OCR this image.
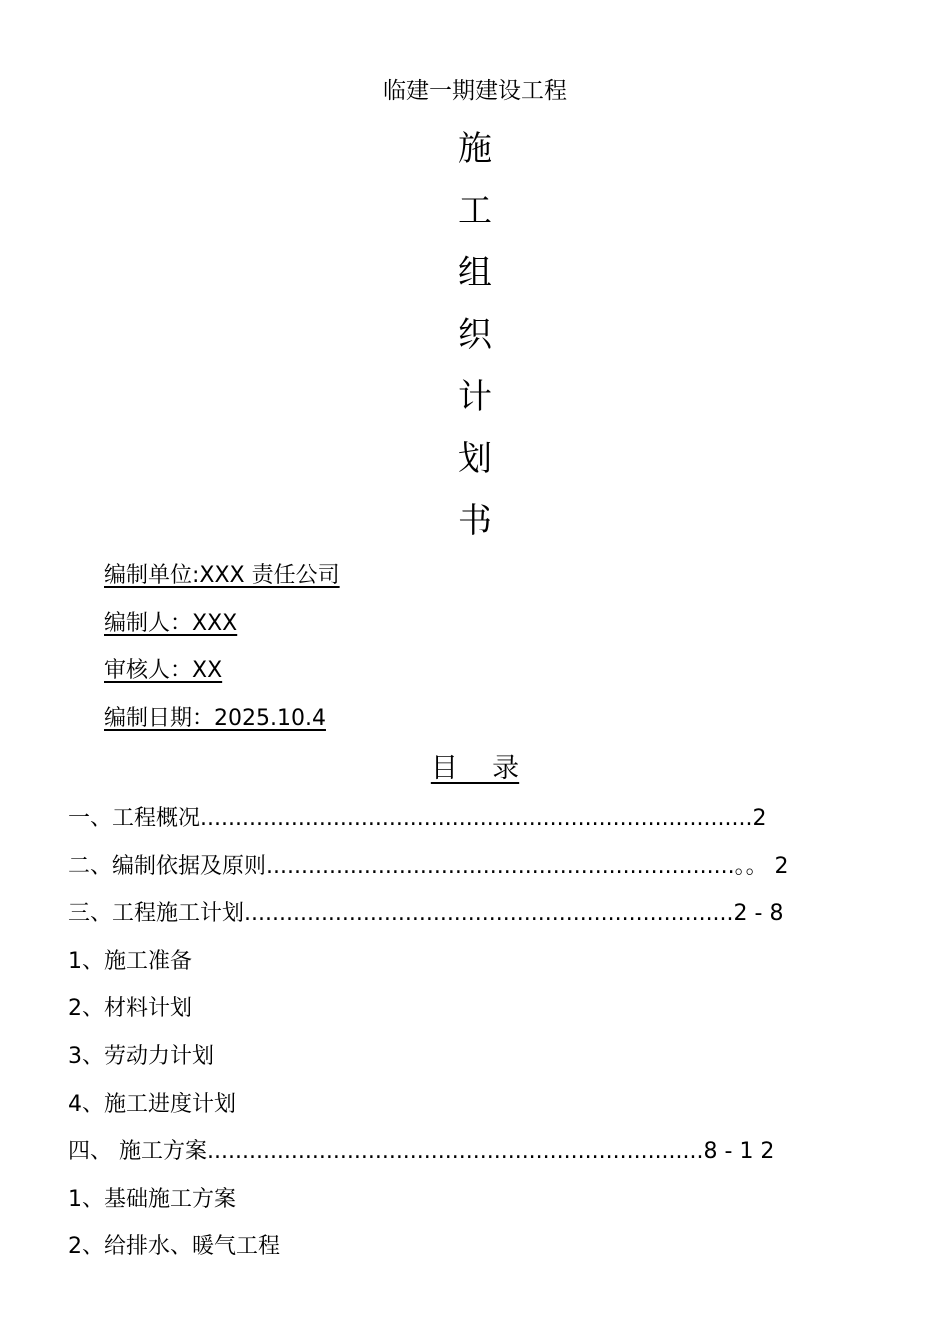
临建一期建设工程
施
工
组
织
计
划
书
编制单位:XXX 责任公司
编制人：XXX
审核人：XX
编制日期：2025.10.4
目    录
一、工程概况...............................................................................2
二、编制依据及原则...................................................................。。 2
三、工程施工计划......................................................................2 - 8
1、施工准备
2、材料计划
3、劳动力计划
4、施工进度计划
四、 施工方案.......................................................................8 - 1 2
1、基础施工方案
2、给排水、暖气工程
